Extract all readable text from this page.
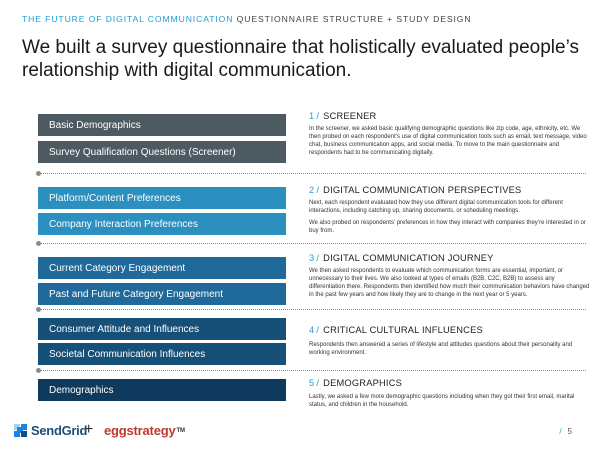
THE FUTURE OF DIGITAL COMMUNICATION QUESTIONNAIRE STRUCTURE + STUDY DESIGN
We built a survey questionnaire that holistically evaluated people’s relationship with digital communication.
Basic Demographics
Survey Qualification Questions (Screener)
Platform/Content Preferences
Company Interaction Preferences
Current Category Engagement
Past and Future Category Engagement
Consumer Attitude and Influences
Societal Communication Influences
Demographics
1 / SCREENER
In the screener, we asked basic qualifying demographic questions like zip code, age, ethnicity, etc. We then probed on each respondent’s use of digital communication tools such as email, text message, video chat, business communication apps, and social media. To move to the main questionnaire and respondents had to be communicating digitally.
2 / DIGITAL COMMUNICATION PERSPECTIVES
Next, each respondent evaluated how they use different digital communication tools for different interactions, including catching up, sharing documents, or scheduling meetings.
We also probed on respondents’ preferences in how they interact with companies they’re interested in or buy from.
3 / DIGITAL COMMUNICATION JOURNEY
We then asked respondents to evaluate which communication forms are essential, important, or unnecessary to their lives. We also looked at types of emails (B2B, C2C, B2B) to assess any differentiation there. Respondents then identified how much their communication behaviors have changed in the past few years and how likely they are to change in the next year or 5 years.
4 / CRITICAL CULTURAL INFLUENCES
Respondents then answered a series of lifestyle and attitudes questions about their personality and working environment.
5 / DEMOGRAPHICS
Lastly, we asked a few more demographic questions including when they got their first email, marital status, and children in the household.
SendGrid
+ eggstrategy TM	/ 5
